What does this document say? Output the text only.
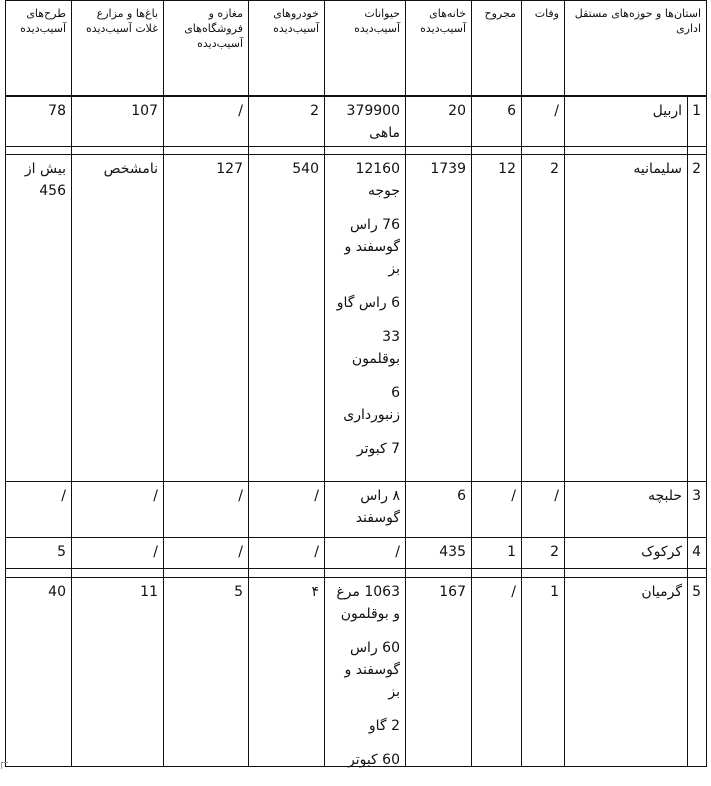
استان‌ها و حوزه‌های مستقل اداری
وفات
مجروح
خانه‌های آسیب‌دیده
حیوانات آسیب‌دیده
خودروهای آسیب‌دیده
مغازه و فروشگاه‌های آسیب‌دیده
باغ‌ها و مزارع غلات آسیب‌دیده
طرح‌های آسیب‌دیده
1
اربیل
/
6
20

379900 ماهی

2
/
107
78
2
سلیمانیه
2
12
1739

12160 جوجه

76 راس گوسفند و بز

6 راس گاو

33 بوقلمون

6 زنبورداری

7 کبوتر

540
127
نامشخص
بیش از 456
3
حلبچه
/
/
6

۸ راس گوسفند

/
/
/
/
4
کرکوک
2
1
435

/

/
/
/
5
5
گرمیان
1
/
167

1063 مرغ و بوقلمون

60 راس گوسفند و بز

2 گاو

60 کبوتر

۴
5
11
40
